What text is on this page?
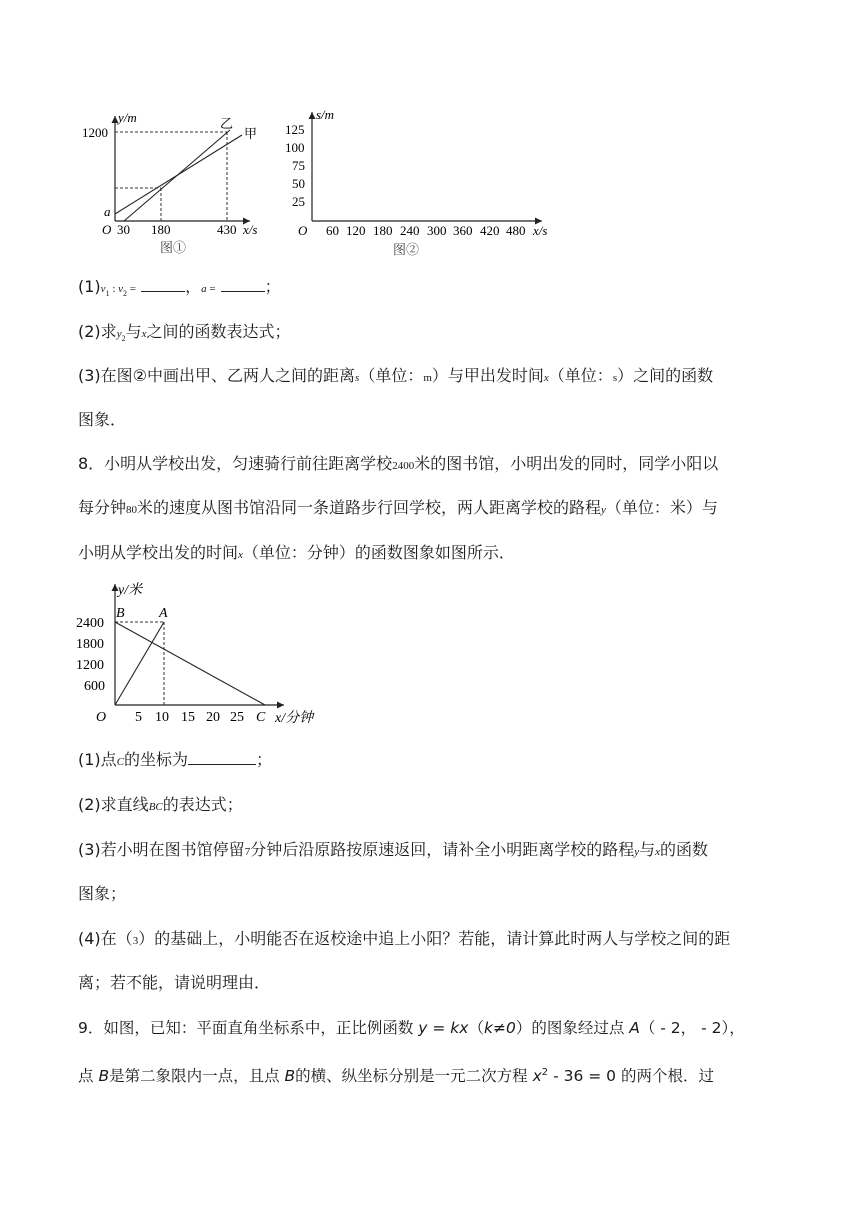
y/m
1200
a
O 30 180	430 x/s
乙
甲
图①
s/m
125
100
75
50
25
O 60 120 180 240 300 360 420 480 x/s
图②
$(1)v_1$ : $v_2$ =	，a =	；
(2)求$y_2$与x之间的函数表达式；
(3)在图②中画出甲、乙两人之间的距离s（单位：m）与甲出发时间x（单位：s）之间的函数
图象．
8．小明从学校出发，匀速骑行前往距离学校2400米的图书馆，小明出发的同时，同学小阳以
每分钟80米的速度从图书馆沿同一条道路步行回学校，两人距离学校的路程y（单位：米）与
小明从学校出发的时间x（单位：分钟）的函数图象如图所示．
y/米
B A
2400
1800
1200
600
O 5 10 15 20 25 C x/分钟
(1)点C的坐标为	；
(2)求直线BC的表达式；
(3)若小明在图书馆停留7分钟后沿原路按原速返回，请补全小明距离学校的路程y与x的函数
图象；
(4)在（3）的基础上，小明能否在返校途中追上小阳？若能，请计算此时两人与学校之间的距
离；若不能，请说明理由．
9．如图，已知：平面直角坐标系中，正比例函数 y = kx（k≠0）的图象经过点 A（ ‑ 2， ‑ 2），
点 B是第二象限内一点，且点 B的横、纵坐标分别是一元二次方程 $x^2$ ‑ 36 = 0 的两个根．过
